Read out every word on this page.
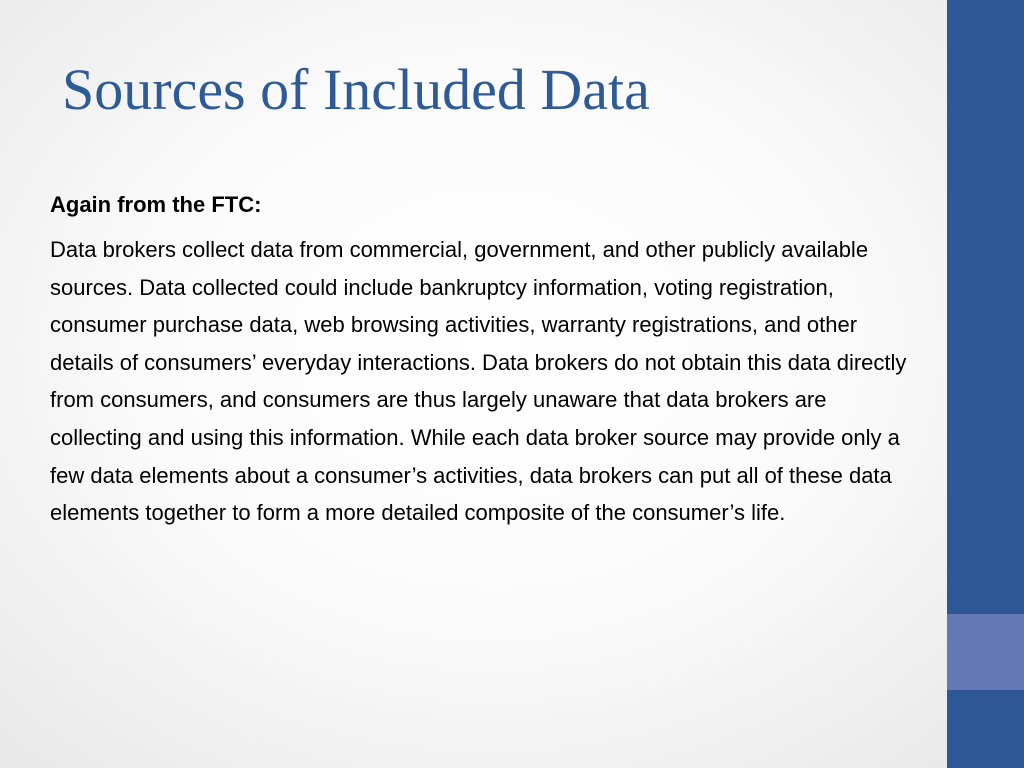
Sources of Included Data

Again from the FTC:

Data brokers collect data from commercial, government, and other publicly available sources. Data collected could include bankruptcy information, voting registration, consumer purchase data, web browsing activities, warranty registrations, and other details of consumers’ everyday interactions. Data brokers do not obtain this data directly from consumers, and consumers are thus largely unaware that data brokers are collecting and using this information. While each data broker source may provide only a few data elements about a consumer’s activities, data brokers can put all of these data elements together to form a more detailed composite of the consumer’s life.
